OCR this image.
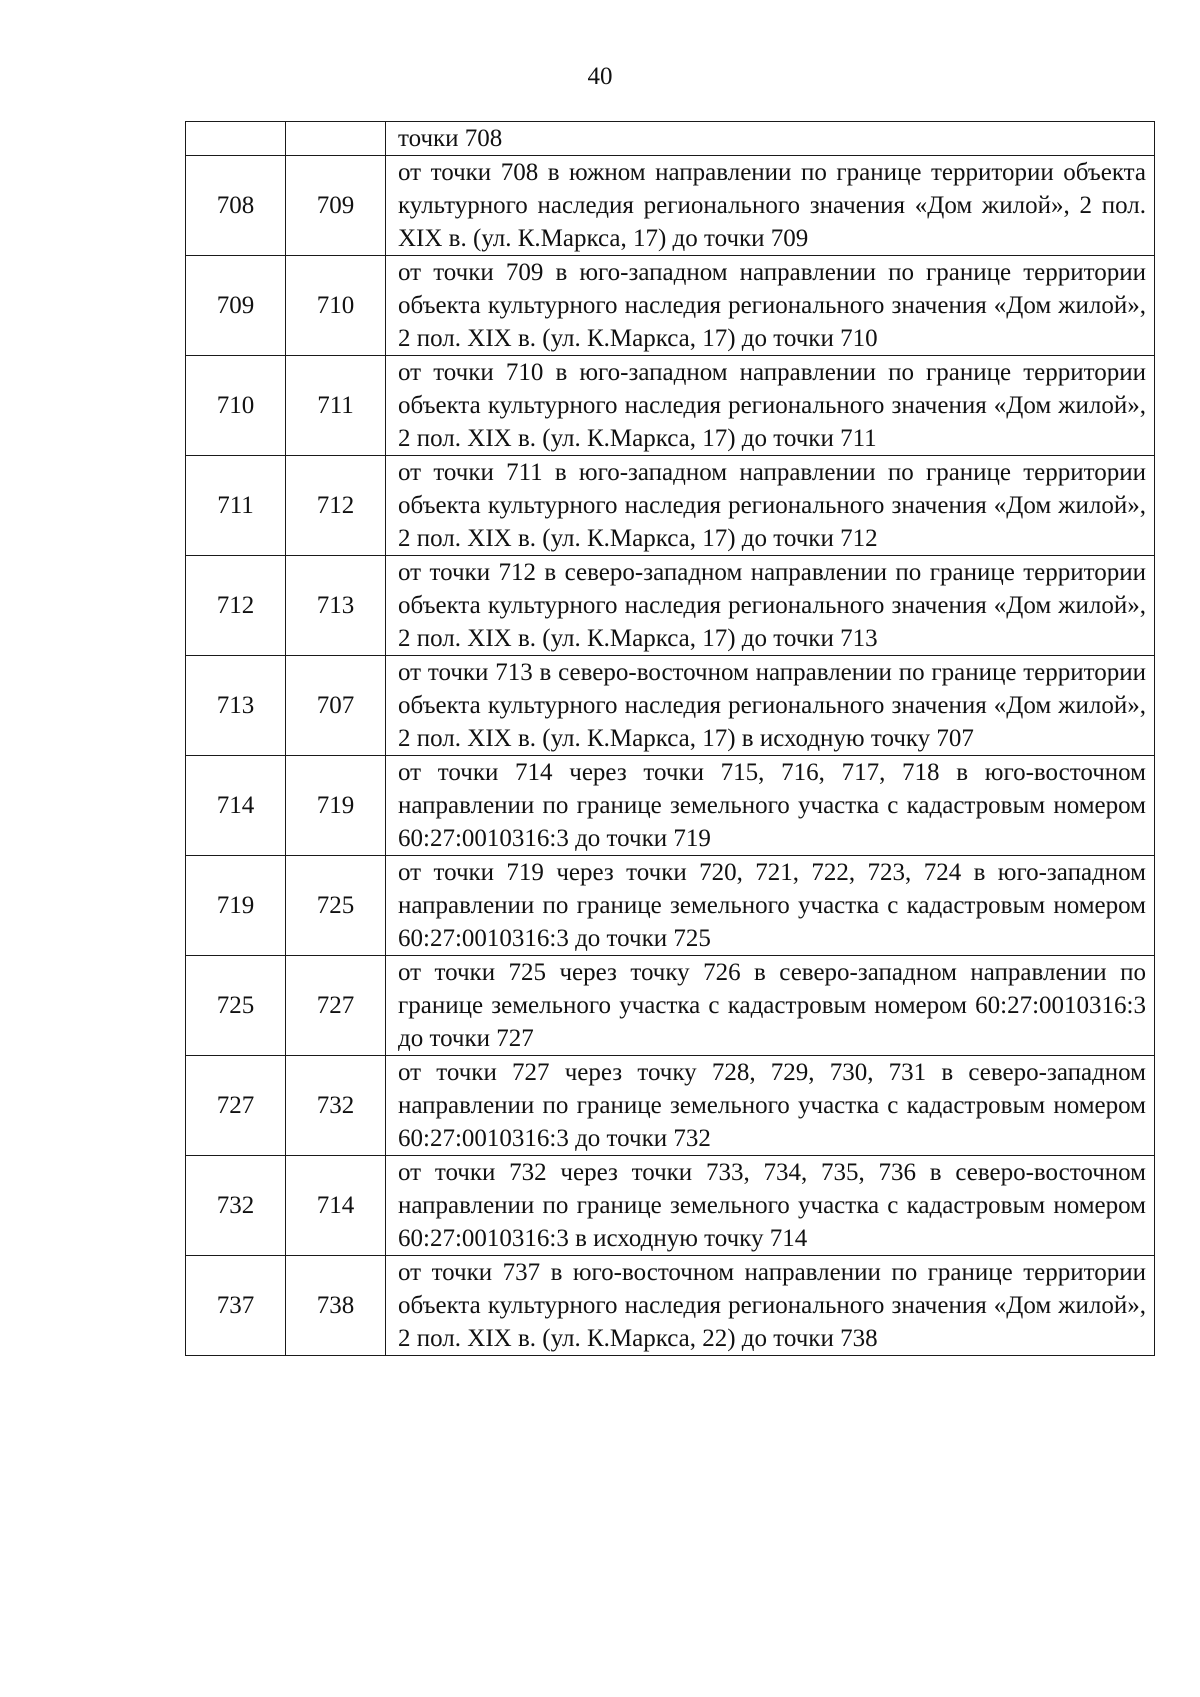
40
		точки 708
708	709	от точки 708 в южном направлении по границе территории объекта культурного наследия регионального значения «Дом жилой», 2 пол. XIX в. (ул. К.Маркса, 17) до точки 709
709	710	от точки 709 в юго-западном направлении по границе территории объекта культурного наследия регионального значения «Дом жилой», 2 пол. XIX в. (ул. К.Маркса, 17) до точки 710
710	711	от точки 710 в юго-западном направлении по границе территории объекта культурного наследия регионального значения «Дом жилой», 2 пол. XIX в. (ул. К.Маркса, 17) до точки 711
711	712	от точки 711 в юго-западном направлении по границе территории объекта культурного наследия регионального значения «Дом жилой», 2 пол. XIX в. (ул. К.Маркса, 17) до точки 712
712	713	от точки 712 в северо-западном направлении по границе территории объекта культурного наследия регионального значения «Дом жилой», 2 пол. XIX в. (ул. К.Маркса, 17) до точки 713
713	707	от точки 713 в северо-восточном направлении по границе территории объекта культурного наследия регионального значения «Дом жилой», 2 пол. XIX в. (ул. К.Маркса, 17) в исходную точку 707
714	719	от точки 714 через точки 715, 716, 717, 718 в юго-восточном направлении по границе земельного участка с кадастровым номером 60:27:0010316:3 до точки 719
719	725	от точки 719 через точки 720, 721, 722, 723, 724 в юго-западном направлении по границе земельного участка с кадастровым номером 60:27:0010316:3 до точки 725
725	727	от точки 725 через точку 726 в северо-западном направлении по границе земельного участка с кадастровым номером 60:27:0010316:3 до точки 727
727	732	от точки 727 через точку 728, 729, 730, 731 в северо-западном направлении по границе земельного участка с кадастровым номером 60:27:0010316:3 до точки 732
732	714	от точки 732 через точки 733, 734, 735, 736 в северо-восточном направлении по границе земельного участка с кадастровым номером 60:27:0010316:3 в исходную точку 714
737	738	от точки 737 в юго-восточном направлении по границе территории объекта культурного наследия регионального значения «Дом жилой», 2 пол. XIX в. (ул. К.Маркса, 22) до точки 738
